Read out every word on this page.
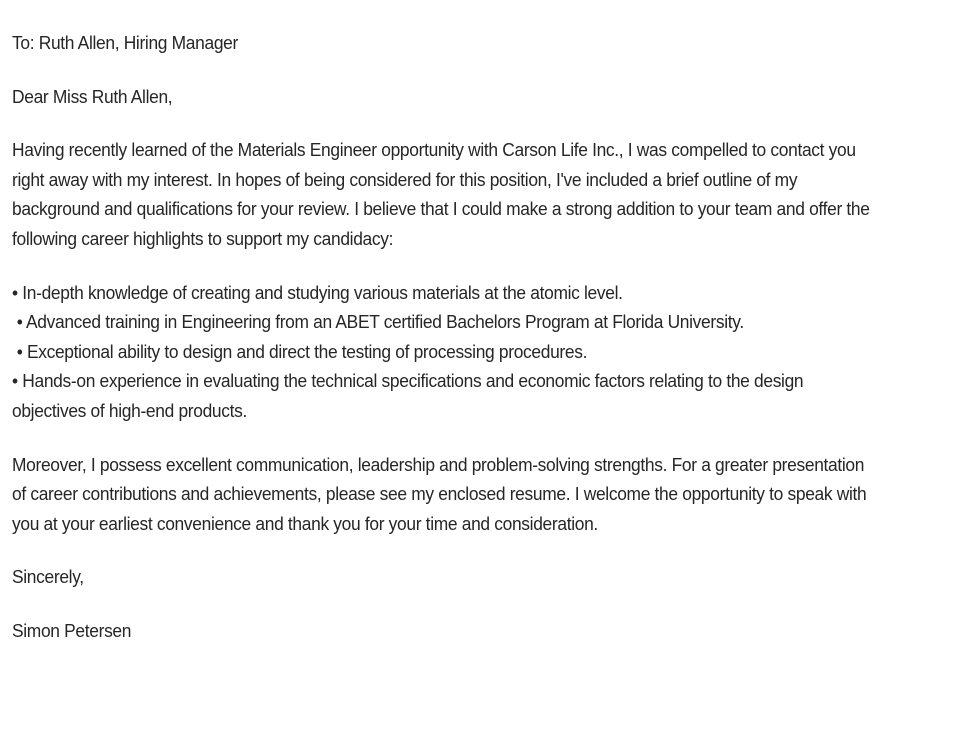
To: Ruth Allen, Hiring Manager

Dear Miss Ruth Allen,

Having recently learned of the Materials Engineer opportunity with Carson Life Inc., I was compelled to contact you right away with my interest. In hopes of being considered for this position, I've included a brief outline of my background and qualifications for your review. I believe that I could make a strong addition to your team and offer the following career highlights to support my candidacy:

• In-depth knowledge of creating and studying various materials at the atomic level.

• Advanced training in Engineering from an ABET certified Bachelors Program at Florida University.

• Exceptional ability to design and direct the testing of processing procedures.

• Hands-on experience in evaluating the technical specifications and economic factors relating to the design objectives of high-end products.

Moreover, I possess excellent communication, leadership and problem-solving strengths. For a greater presentation of career contributions and achievements, please see my enclosed resume. I welcome the opportunity to speak with you at your earliest convenience and thank you for your time and consideration.

Sincerely,

Simon Petersen
